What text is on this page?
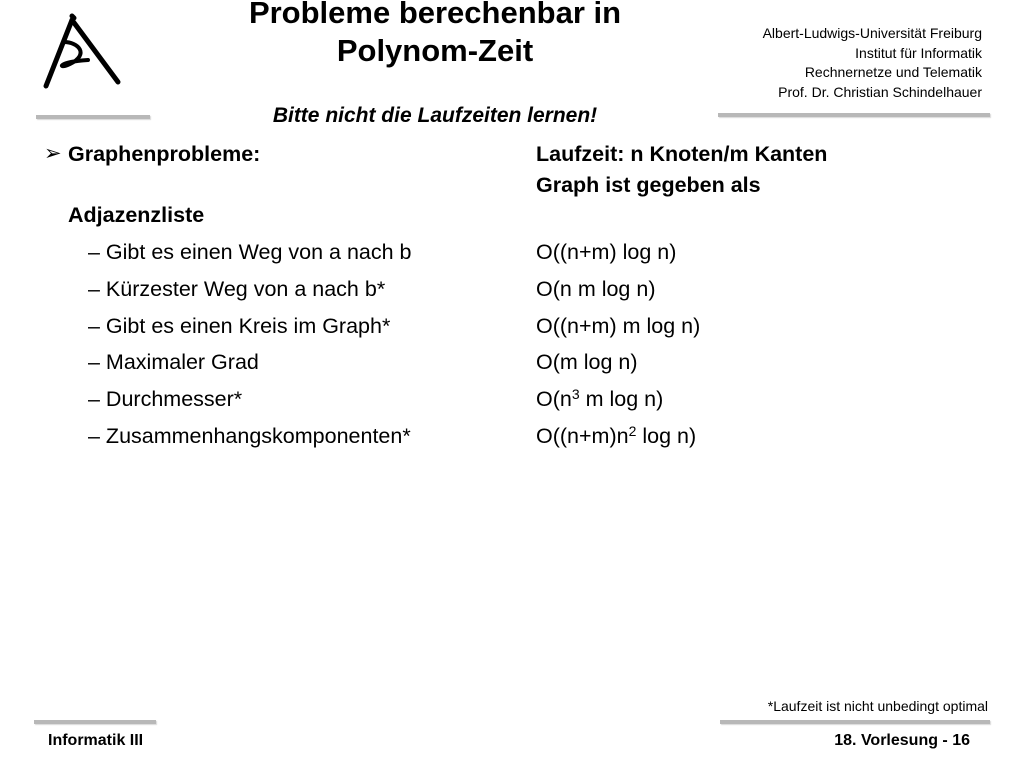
Probleme berechenbar in
Polynom-Zeit
Bitte nicht die Laufzeiten lernen!
Albert-Ludwigs-Universität Freiburg
Institut für Informatik
Rechnernetze und Telematik
Prof. Dr. Christian Schindelhauer
➢ Graphenprobleme:	Laufzeit: n Knoten/m Kanten
Graph ist gegeben als
Adjazenzliste
– Gibt es einen Weg von a nach b	O((n+m) log n)
– Kürzester Weg von a nach b*	O(n m log n)
– Gibt es einen Kreis im Graph*	O((n+m) m log n)
– Maximaler Grad	O(m log n)
– Durchmesser*	$O(n^3$ m log n)
– Zusammenhangskomponenten*	$O((n+m)n^2$ log n)
*Laufzeit ist nicht unbedingt optimal
Informatik III	18. Vorlesung - 16
